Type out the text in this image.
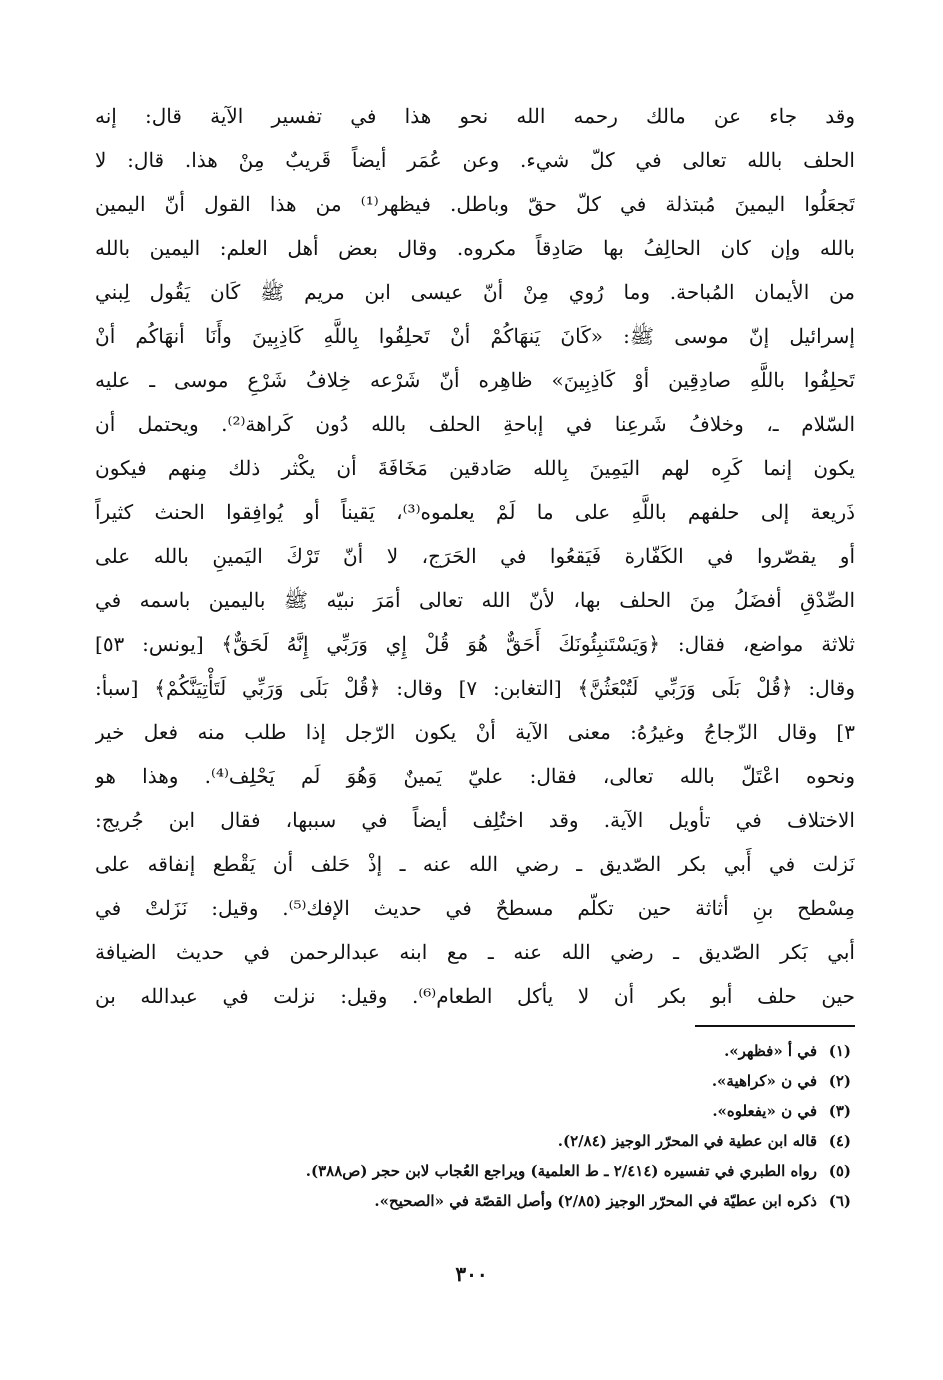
وقد جاء عن مالك رحمه الله نحو هذا في تفسير الآية قال: إنه
الحلف بالله تعالى في كلّ شيء. وعن عُمَر أيضاً قَريبٌ مِنْ هذا. قال: لا
تَجعَلُوا اليمينَ مُبتذلة في كلّ حقّ وباطل. فيظهر⁽¹⁾ من هذا القول أنّ اليمين
بالله وإن كان الحالِفُ بها صَادِقاً مكروه. وقال بعض أهل العلم: اليمين بالله
من الأيمان المُباحة. وما رُوي مِنْ أنّ عيسى ابن مريم ﷺ كَان يَقُول لِبني
إسرائيل إنّ موسى ﷺ: «كَانَ يَنهَاكُمْ أنْ تَحلِفُوا بِاللَّهِ كَاذِبِينَ وأَنَا أنهَاكُم أنْ
تَحلِفُوا باللَّهِ صادِقِين أوْ كَاذِبِينَ» ظاهِره أنّ شَرْعه خِلافُ شَرْعِ موسى ـ عليه
السّلام ـ، وخلافُ شَرعِنا في إباحةِ الحلف بالله دُون كَراهة⁽²⁾. ويحتمل أن
يكون إنما كَرِه لهم اليَمِينَ بِالله صَادقين مَخَافَةَ أن يكْثر ذلك مِنهم فيكون
ذَريعة إلى حلفهم باللَّهِ على ما لَمْ يعلموه⁽³⁾، يَقيناً أو يُوافِقوا الحنث كثيراً
أو يقصّروا في الكَفّارة فَيَقعُوا في الحَرَج، لا أنّ تَرْكَ اليَمينِ بالله على
الصِّدْقِ أفضَلُ مِنَ الحلف بها، لأنّ الله تعالى أمَرَ نبيّه ﷺ باليمين باسمه في
ثلاثة مواضع، فقال: ﴿وَيَسْتَنبِئُونَكَ أَحَقٌّ هُوَ قُلْ إِي وَرَبِّي إِنَّهُ لَحَقٌّ﴾ [يونس: ٥٣]
وقال: ﴿قُلْ بَلَى وَرَبِّي لَتُبْعَثُنَّ﴾ [التغابن: ٧] وقال: ﴿قُلْ بَلَى وَرَبِّي لَتَأْتِيَنَّكُمْ﴾ [سبأ:
٣] وقال الزّجاجُ وغيرُهُ: معنى الآية أنْ يكون الرّجل إذا طلب منه فعل خير
ونحوه اعْتَلّ بالله تعالى، فقال: عليّ يَمينٌ وَهُوَ لَم يَحْلِف⁽⁴⁾. وهذا هو
الاختلاف في تأويل الآية. وقد اختُلِف أيضاً في سببها، فقال ابن جُريج:
نَزلت في أَبي بكر الصّديق ـ رضي الله عنه ـ إذْ حَلف أن يَقْطع إنفاقه على
مِسْطح بنِ أثاثة حين تكلّم مسطحٌ في حديث الإفك⁽⁵⁾. وقيل: نَزَلتْ في
أبي بَكر الصّديق ـ رضي الله عنه ـ مع ابنه عبدالرحمن في حديث الضيافة
حين حلف أبو بكر أن لا يأكل الطعام⁽⁶⁾. وقيل: نزلت في عبدالله بن
(١)
في أ «فظهر».
(٢)
في ن «كراهية».
(٣)
في ن «يفعلوه».
(٤)
قاله ابن عطية في المحرّر الوجيز (٢/٨٤).
(٥)
رواه الطبري في تفسيره (٢/٤١٤ ـ ط العلمية) ويراجع العُجاب لابن حجر (ص٣٨٨).
(٦)
ذكره ابن عطيّة في المحرّر الوجيز (٢/٨٥) وأصل القصّة في «الصحيح».
٣٠٠
